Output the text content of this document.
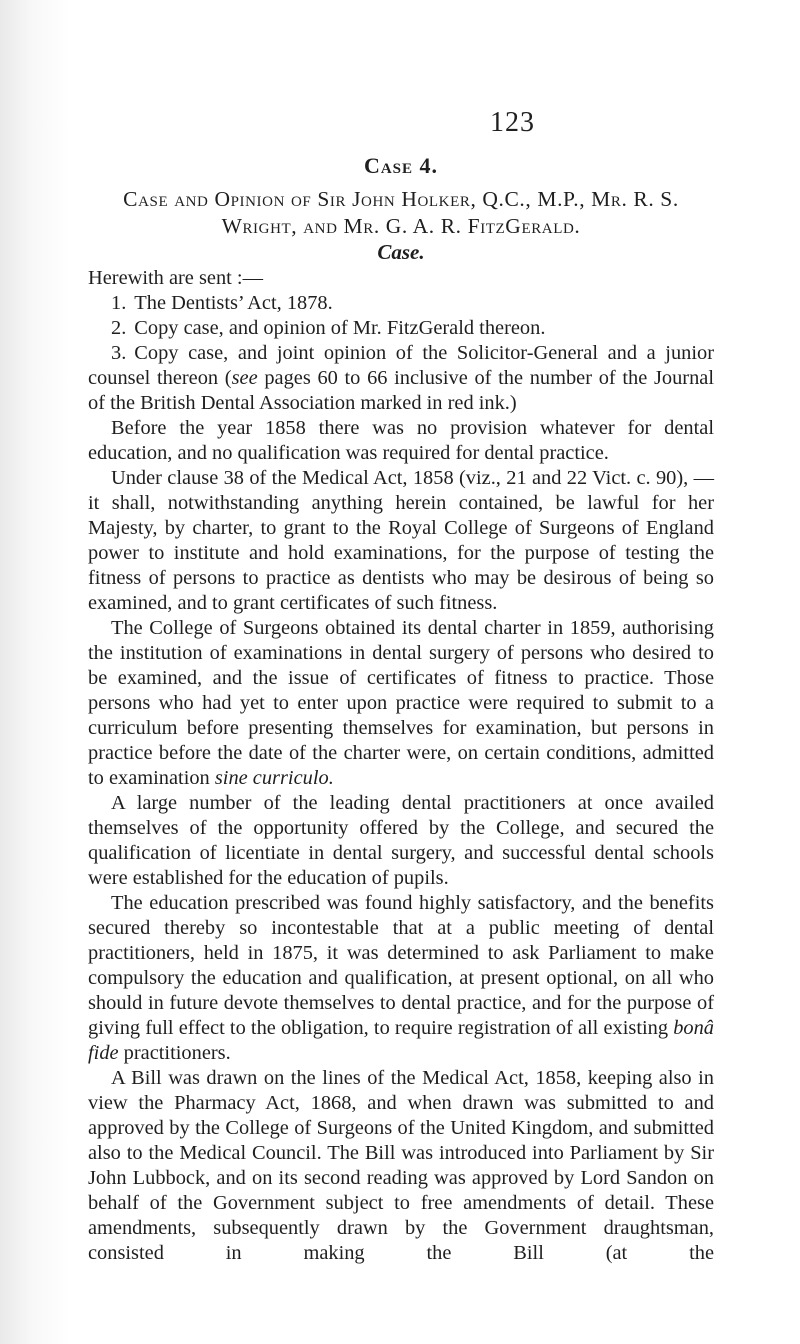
123
Case 4.
Case and Opinion of Sir John Holker, Q.C., M.P., Mr. R. S.
Wright, and Mr. G. A. R. FitzGerald.
Case.

Herewith are sent :—

1. The Dentists’ Act, 1878.
2. Copy case, and opinion of Mr. FitzGerald thereon.
3. Copy case, and joint opinion of the Solicitor-General and a junior counsel thereon (see pages 60 to 66 inclusive of the number of the Journal of the British Dental Association marked in red ink.)

Before the year 1858 there was no provision whatever for dental education, and no qualification was required for dental practice.

Under clause 38 of the Medical Act, 1858 (viz., 21 and 22 Vict. c. 90), —it shall, notwithstanding anything herein contained, be lawful for her Majesty, by charter, to grant to the Royal College of Surgeons of England power to institute and hold examinations, for the purpose of testing the fitness of persons to practice as dentists who may be desirous of being so examined, and to grant certificates of such fitness.

The College of Surgeons obtained its dental charter in 1859, authorising the institution of examinations in dental surgery of persons who desired to be examined, and the issue of certificates of fitness to practice. Those persons who had yet to enter upon practice were required to submit to a curriculum before presenting themselves for examination, but persons in practice before the date of the charter were, on certain conditions, admitted to examination sine curriculo.

A large number of the leading dental practitioners at once availed themselves of the opportunity offered by the College, and secured the qualification of licentiate in dental surgery, and successful dental schools were established for the education of pupils.

The education prescribed was found highly satisfactory, and the benefits secured thereby so incontestable that at a public meeting of dental practitioners, held in 1875, it was determined to ask Parliament to make compulsory the education and qualification, at present optional, on all who should in future devote themselves to dental practice, and for the purpose of giving full effect to the obligation, to require registration of all existing bonâ fide practitioners.

A Bill was drawn on the lines of the Medical Act, 1858, keeping also in view the Pharmacy Act, 1868, and when drawn was submitted to and approved by the College of Surgeons of the United Kingdom, and submitted also to the Medical Council. The Bill was introduced into Parliament by Sir John Lubbock, and on its second reading was approved by Lord Sandon on behalf of the Government subject to free amendments of detail. These amendments, subsequently drawn by the Government draughtsman, consisted in making the Bill (at the
